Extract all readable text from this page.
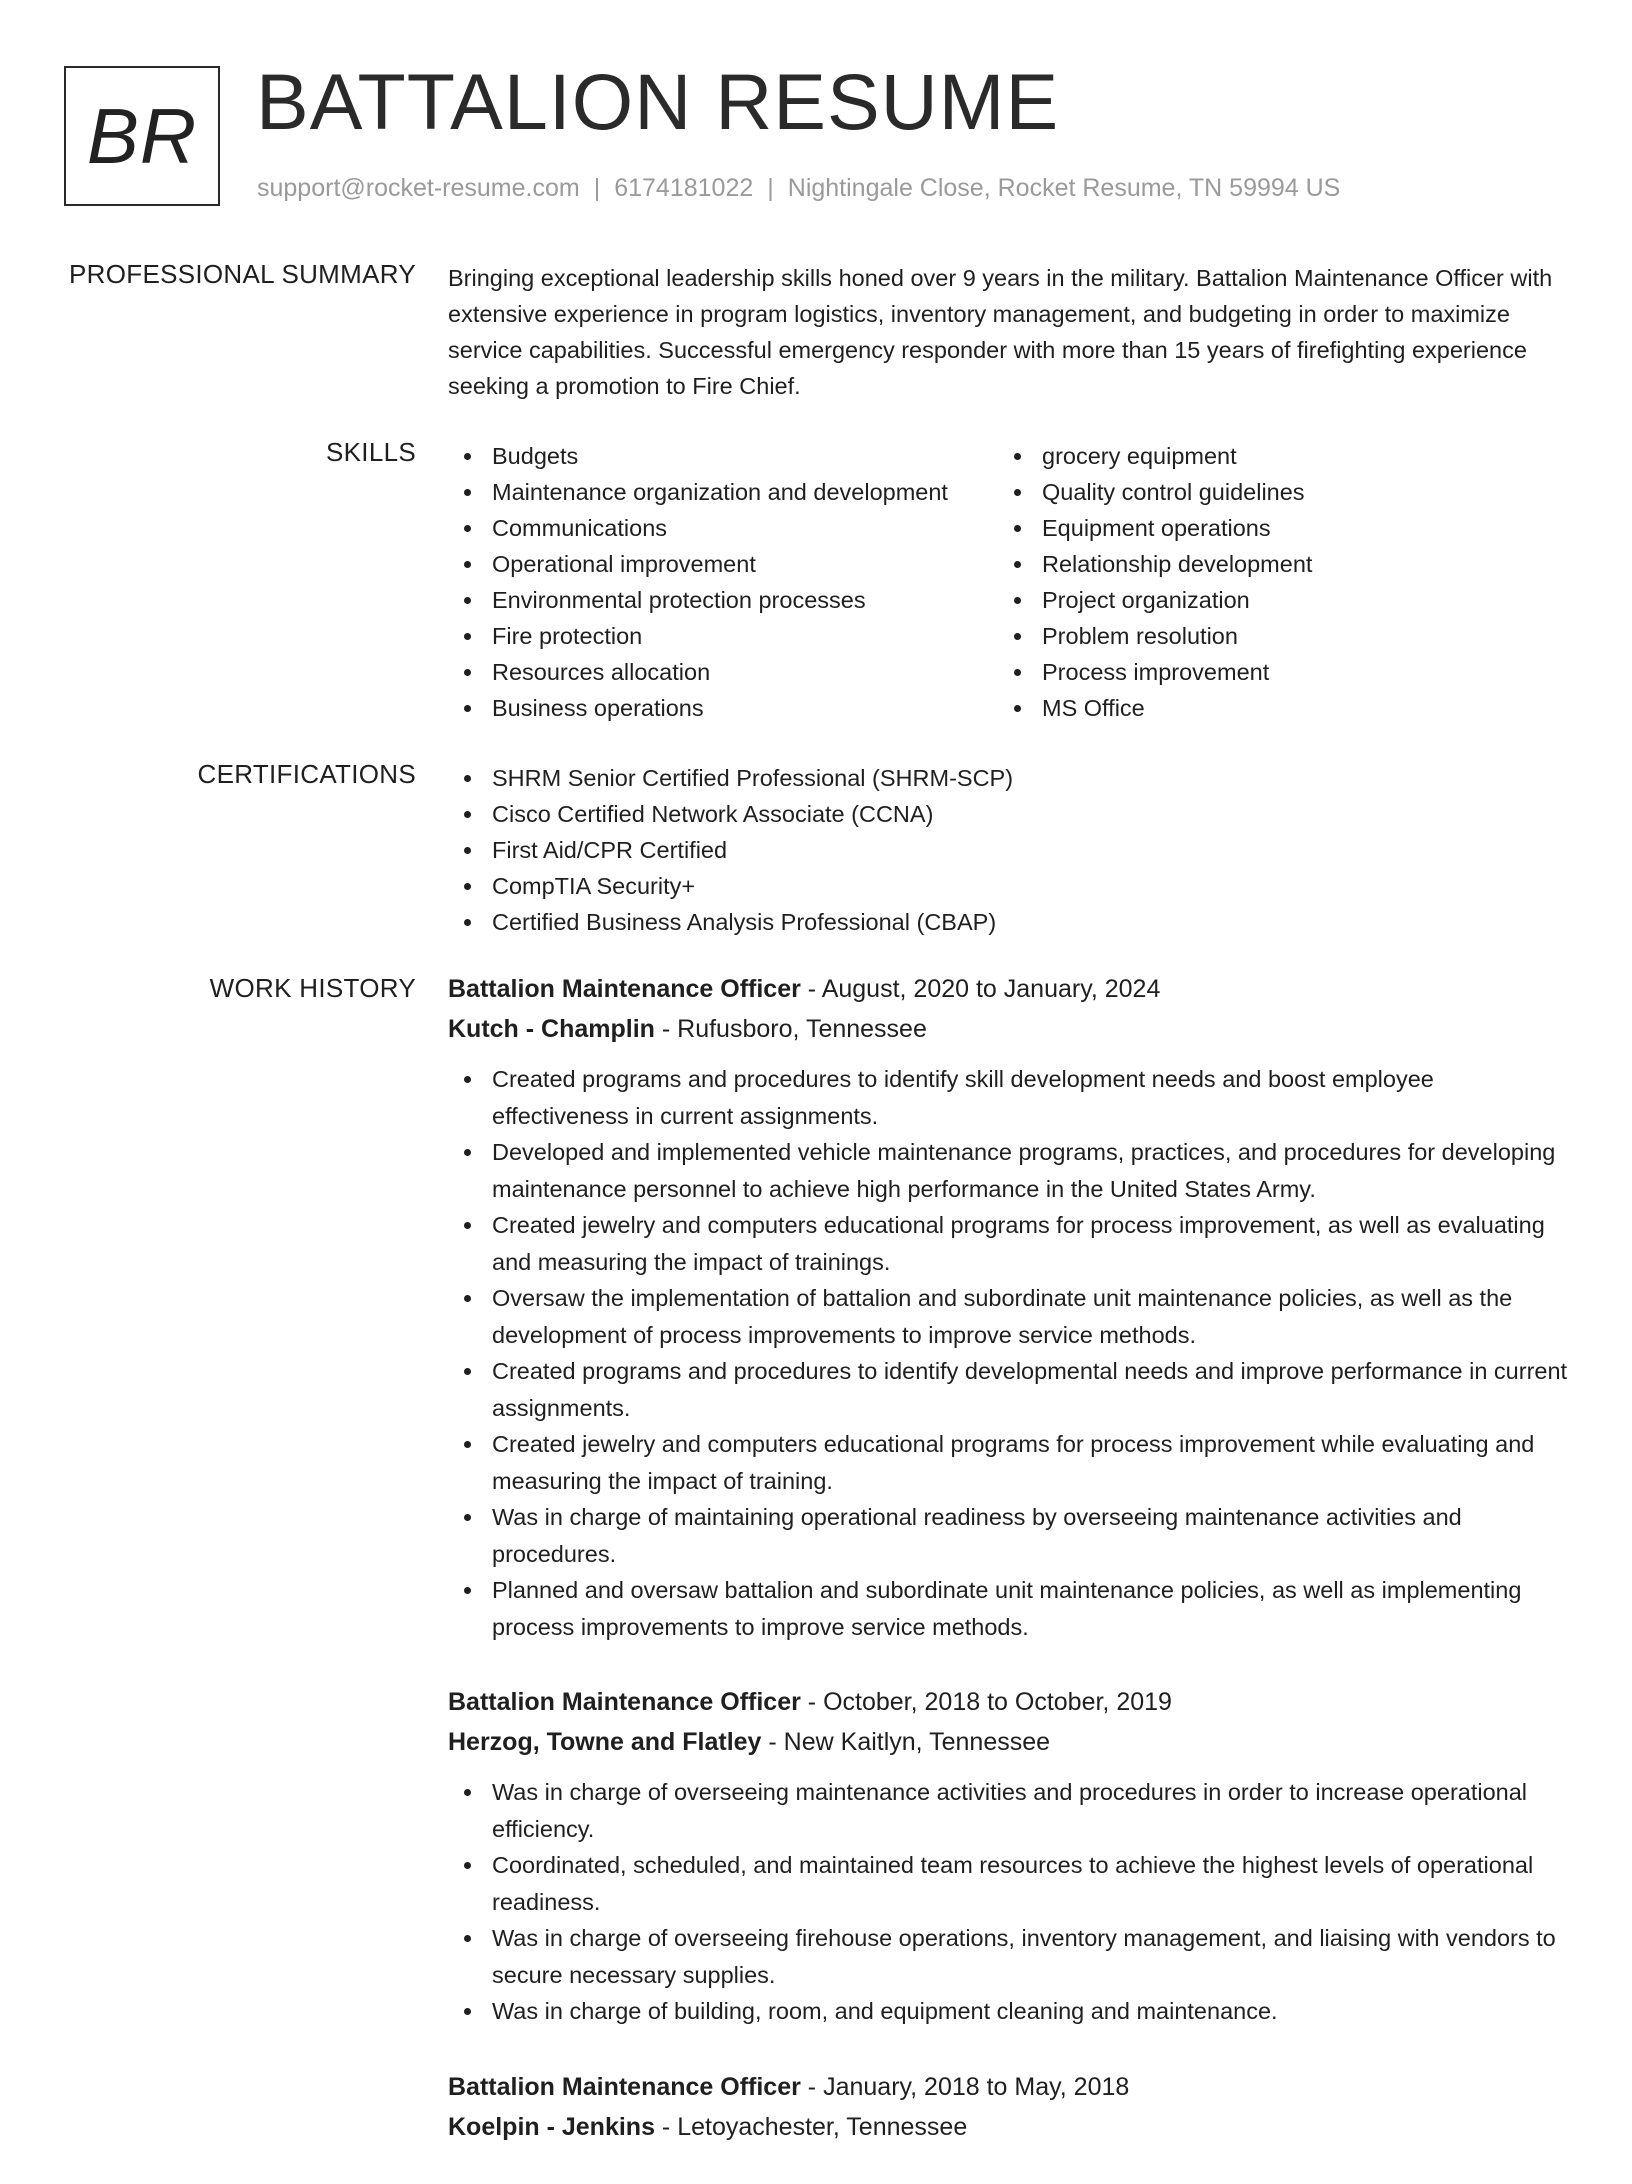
BR BATTALION RESUME
support@rocket-resume.com | 6174181022 | Nightingale Close, Rocket Resume, TN 59994 US
PROFESSIONAL SUMMARY Bringing exceptional leadership skills honed over 9 years in the military. Battalion Maintenance Officer with extensive experience in program logistics, inventory management, and budgeting in order to maximize service capabilities. Successful emergency responder with more than 15 years of firefighting experience seeking a promotion to Fire Chief.

SKILLS	Budgets
Maintenance organization and development
Communications
Operational improvement
Environmental protection processes
Fire protection
Resources allocation
Business operations
grocery equipment
Quality control guidelines
Equipment operations
Relationship development
Project organization
Problem resolution
Process improvement
MS Office
CERTIFICATIONS	SHRM Senior Certified Professional (SHRM-SCP)
Cisco Certified Network Associate (CCNA)
First Aid/CPR Certified
CompTIA Security+
Certified Business Analysis Professional (CBAP)
WORK HISTORY Battalion Maintenance Officer - August, 2020 to January, 2024
Kutch - Champlin - Rufusboro, Tennessee
Created programs and procedures to identify skill development needs and boost employee effectiveness in current assignments.
Developed and implemented vehicle maintenance programs, practices, and procedures for developing maintenance personnel to achieve high performance in the United States Army.
Created jewelry and computers educational programs for process improvement, as well as evaluating and measuring the impact of trainings.
Oversaw the implementation of battalion and subordinate unit maintenance policies, as well as the development of process improvements to improve service methods.
Created programs and procedures to identify developmental needs and improve performance in current assignments.
Created jewelry and computers educational programs for process improvement while evaluating and measuring the impact of training.
Was in charge of maintaining operational readiness by overseeing maintenance activities and procedures.
Planned and oversaw battalion and subordinate unit maintenance policies, as well as implementing process improvements to improve service methods.
Battalion Maintenance Officer - October, 2018 to October, 2019
Herzog, Towne and Flatley - New Kaitlyn, Tennessee
Was in charge of overseeing maintenance activities and procedures in order to increase operational efficiency.
Coordinated, scheduled, and maintained team resources to achieve the highest levels of operational readiness.
Was in charge of overseeing firehouse operations, inventory management, and liaising with vendors to secure necessary supplies.
Was in charge of building, room, and equipment cleaning and maintenance.
Battalion Maintenance Officer - January, 2018 to May, 2018
Koelpin - Jenkins - Letoyachester, Tennessee
